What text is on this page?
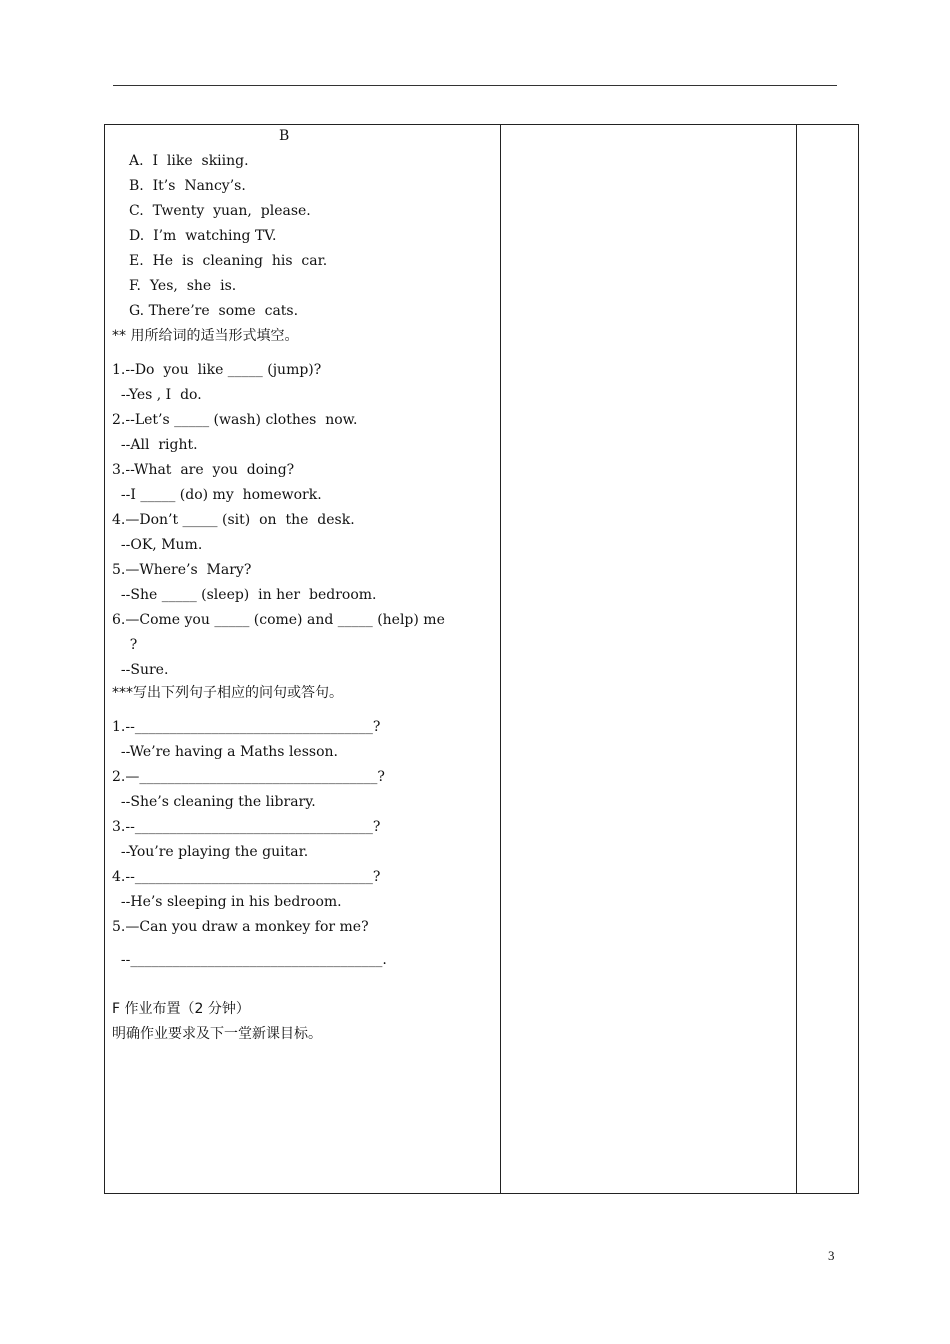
B
A.  I  like  skiing.
B.  It’s  Nancy’s.
C.  Twenty  yuan,  please.
D.  I’m  watching TV.
E.  He  is  cleaning  his  car.
F.  Yes,  she  is.
G. There’re  some  cats.
** 用所给词的适当形式填空。
1.--Do  you  like _____ (jump)?
--Yes , I  do.
2.--Let’s _____ (wash) clothes  now.
--All  right.
3.--What  are  you  doing?
--I _____ (do) my  homework.
4.—Don’t _____ (sit)  on  the  desk.
--OK, Mum.
5.—Where’s  Mary?
--She _____ (sleep)  in her  bedroom.
6.—Come you _____ (come) and _____ (help) me
?
--Sure.
***写出下列句子相应的问句或答句。
1.--__________________________________?
--We’re having a Maths lesson.
2.—__________________________________?
--She’s cleaning the library.
3.--__________________________________?
--You’re playing the guitar.
4.--__________________________________?
--He’s sleeping in his bedroom.
5.—Can you draw a monkey for me?
--____________________________________.
F 作业布置（2 分钟）
明确作业要求及下一堂新课目标。
3
